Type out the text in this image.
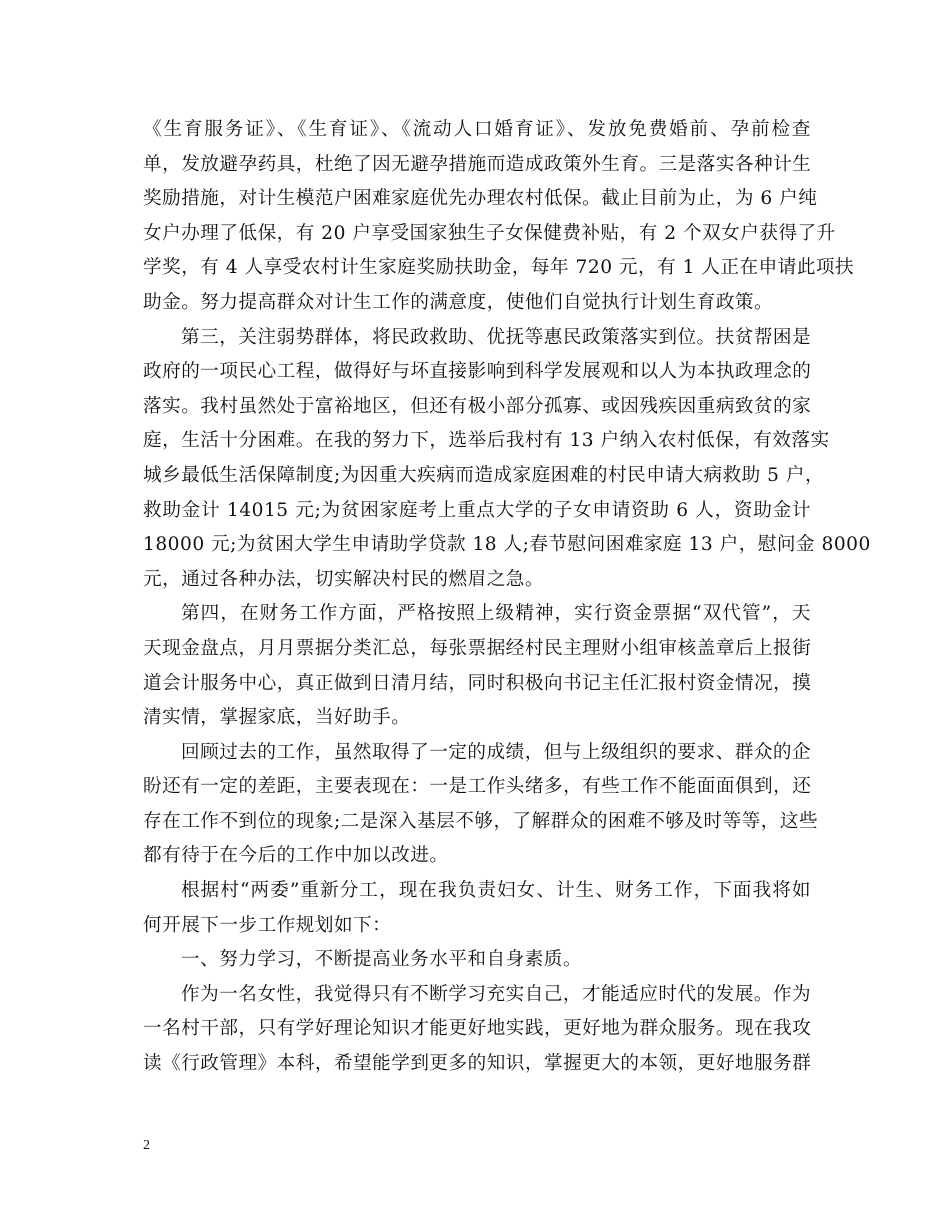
《生育服务证》、《生育证》、《流动人口婚育证》、发放免费婚前、孕前检查
单，发放避孕药具，杜绝了因无避孕措施而造成政策外生育。三是落实各种计生
奖励措施，对计生模范户困难家庭优先办理农村低保。截止目前为止，为 6 户纯
女户办理了低保，有 20 户享受国家独生子女保健费补贴，有 2 个双女户获得了升
学奖，有 4 人享受农村计生家庭奖励扶助金，每年 720 元，有 1 人正在申请此项扶
助金。努力提高群众对计生工作的满意度，使他们自觉执行计划生育政策。
第三，关注弱势群体，将民政救助、优抚等惠民政策落实到位。扶贫帮困是
政府的一项民心工程，做得好与坏直接影响到科学发展观和以人为本执政理念的
落实。我村虽然处于富裕地区，但还有极小部分孤寡、或因残疾因重病致贫的家
庭，生活十分困难。在我的努力下，选举后我村有 13 户纳入农村低保，有效落实
城乡最低生活保障制度;为因重大疾病而造成家庭困难的村民申请大病救助 5 户，
救助金计 14015 元;为贫困家庭考上重点大学的子女申请资助 6 人，资助金计
18000 元;为贫困大学生申请助学贷款 18 人;春节慰问困难家庭 13 户，慰问金 8000
元，通过各种办法，切实解决村民的燃眉之急。
第四，在财务工作方面，严格按照上级精神，实行资金票据“双代管”，天
天现金盘点，月月票据分类汇总，每张票据经村民主理财小组审核盖章后上报街
道会计服务中心，真正做到日清月结，同时积极向书记主任汇报村资金情况，摸
清实情，掌握家底，当好助手。
回顾过去的工作，虽然取得了一定的成绩，但与上级组织的要求、群众的企
盼还有一定的差距，主要表现在：一是工作头绪多，有些工作不能面面俱到，还
存在工作不到位的现象;二是深入基层不够，了解群众的困难不够及时等等，这些
都有待于在今后的工作中加以改进。
根据村“两委”重新分工，现在我负责妇女、计生、财务工作，下面我将如
何开展下一步工作规划如下：
一、努力学习，不断提高业务水平和自身素质。
作为一名女性，我觉得只有不断学习充实自己，才能适应时代的发展。作为
一名村干部，只有学好理论知识才能更好地实践，更好地为群众服务。现在我攻
读《行政管理》本科，希望能学到更多的知识，掌握更大的本领，更好地服务群
2
